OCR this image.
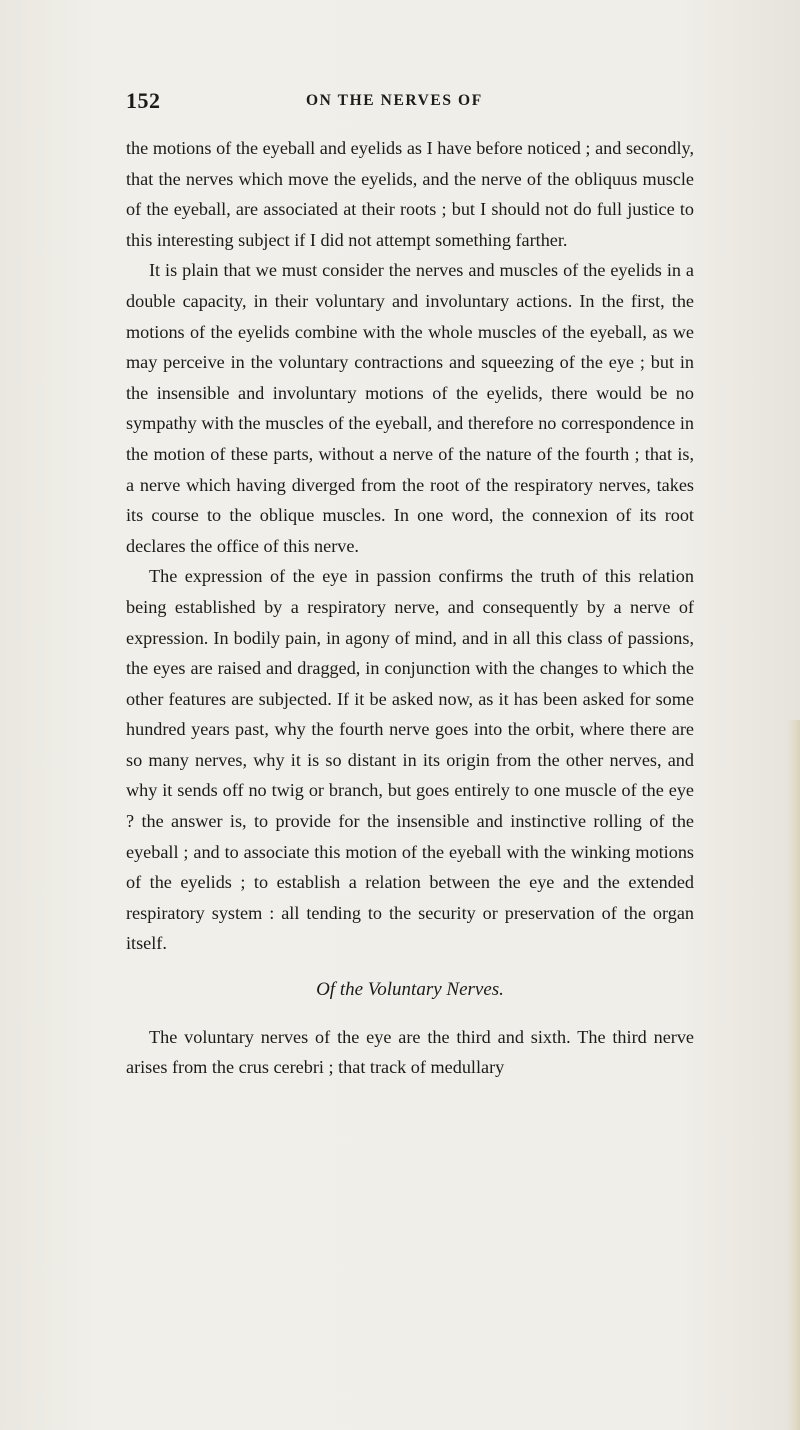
152	ON THE NERVES OF

the motions of the eyeball and eyelids as I have before noticed ; and secondly, that the nerves which move the eyelids, and the nerve of the obliquus muscle of the eyeball, are associated at their roots ; but I should not do full justice to this interesting subject if I did not attempt something farther.

It is plain that we must consider the nerves and muscles of the eyelids in a double capacity, in their voluntary and involuntary actions. In the first, the motions of the eyelids combine with the whole muscles of the eyeball, as we may perceive in the voluntary contractions and squeezing of the eye ; but in the insensible and involuntary motions of the eyelids, there would be no sympathy with the muscles of the eyeball, and therefore no correspondence in the motion of these parts, without a nerve of the nature of the fourth ; that is, a nerve which having diverged from the root of the respiratory nerves, takes its course to the oblique muscles. In one word, the connexion of its root declares the office of this nerve.

The expression of the eye in passion confirms the truth of this relation being established by a respiratory nerve, and consequently by a nerve of expression. In bodily pain, in agony of mind, and in all this class of passions, the eyes are raised and dragged, in conjunction with the changes to which the other features are subjected. If it be asked now, as it has been asked for some hundred years past, why the fourth nerve goes into the orbit, where there are so many nerves, why it is so distant in its origin from the other nerves, and why it sends off no twig or branch, but goes entirely to one muscle of the eye ? the answer is, to provide for the insensible and instinctive rolling of the eyeball ; and to associate this motion of the eyeball with the winking motions of the eyelids ; to establish a relation between the eye and the extended respiratory system : all tending to the security or preservation of the organ itself.

Of the Voluntary Nerves.

The voluntary nerves of the eye are the third and sixth. The third nerve arises from the crus cerebri ; that track of medullary
